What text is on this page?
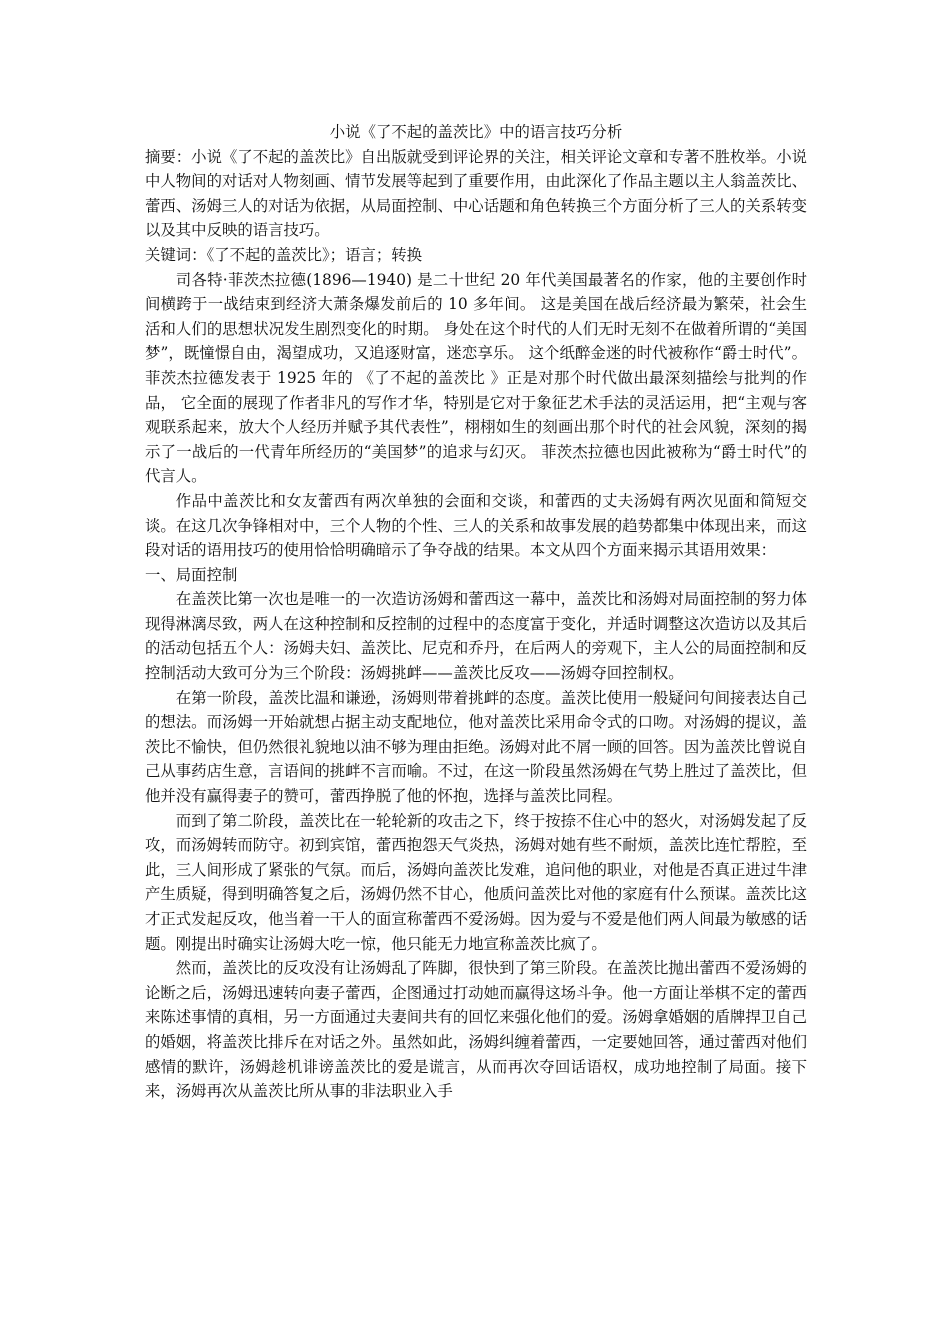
小说《了不起的盖茨比》中的语言技巧分析

摘要：小说《了不起的盖茨比》自出版就受到评论界的关注，相关评论文章和专著不胜枚举。小说中人物间的对话对人物刻画、情节发展等起到了重要作用，由此深化了作品主题以主人翁盖茨比、蕾西、汤姆三人的对话为依据，从局面控制、中心话题和角色转换三个方面分析了三人的关系转变以及其中反映的语言技巧。

关键词：《了不起的盖茨比》；语言；转换

司各特·菲茨杰拉德(1896—1940) 是二十世纪 20 年代美国最著名的作家，他的主要创作时间横跨于一战结束到经济大萧条爆发前后的 10 多年间。 这是美国在战后经济最为繁荣，社会生活和人们的思想状况发生剧烈变化的时期。 身处在这个时代的人们无时无刻不在做着所谓的“美国梦”，既憧憬自由，渴望成功，又追逐财富，迷恋享乐。 这个纸醉金迷的时代被称作“爵士时代”。 菲茨杰拉德发表于 1925 年的 《了不起的盖茨比 》正是对那个时代做出最深刻描绘与批判的作品， 它全面的展现了作者非凡的写作才华，特别是它对于象征艺术手法的灵活运用，把“主观与客观联系起来，放大个人经历并赋予其代表性”，栩栩如生的刻画出那个时代的社会风貌，深刻的揭示了一战后的一代青年所经历的“美国梦”的追求与幻灭。 菲茨杰拉德也因此被称为“爵士时代”的代言人。

作品中盖茨比和女友蕾西有两次单独的会面和交谈，和蕾西的丈夫汤姆有两次见面和简短交谈。在这几次争锋相对中，三个人物的个性、三人的关系和故事发展的趋势都集中体现出来，而这段对话的语用技巧的使用恰恰明确暗示了争夺战的结果。本文从四个方面来揭示其语用效果：

一、局面控制

在盖茨比第一次也是唯一的一次造访汤姆和蕾西这一幕中，盖茨比和汤姆对局面控制的努力体现得淋漓尽致，两人在这种控制和反控制的过程中的态度富于变化，并适时调整这次造访以及其后的活动包括五个人：汤姆夫妇、盖茨比、尼克和乔丹，在后两人的旁观下，主人公的局面控制和反控制活动大致可分为三个阶段：汤姆挑衅——盖茨比反攻——汤姆夺回控制权。

在第一阶段，盖茨比温和谦逊，汤姆则带着挑衅的态度。盖茨比使用一般疑问句间接表达自己的想法。而汤姆一开始就想占据主动支配地位，他对盖茨比采用命令式的口吻。对汤姆的提议，盖茨比不愉快，但仍然很礼貌地以油不够为理由拒绝。汤姆对此不屑一顾的回答。因为盖茨比曾说自己从事药店生意，言语间的挑衅不言而喻。不过，在这一阶段虽然汤姆在气势上胜过了盖茨比，但他并没有赢得妻子的赞可，蕾西挣脱了他的怀抱，选择与盖茨比同程。

而到了第二阶段，盖茨比在一轮轮新的攻击之下，终于按捺不住心中的怒火，对汤姆发起了反攻，而汤姆转而防守。初到宾馆，蕾西抱怨天气炎热，汤姆对她有些不耐烦，盖茨比连忙帮腔，至此，三人间形成了紧张的气氛。而后，汤姆向盖茨比发难，追问他的职业，对他是否真正进过牛津产生质疑，得到明确答复之后，汤姆仍然不甘心，他质问盖茨比对他的家庭有什么预谋。盖茨比这才正式发起反攻，他当着一干人的面宣称蕾西不爱汤姆。因为爱与不爱是他们两人间最为敏感的话题。刚提出时确实让汤姆大吃一惊，他只能无力地宣称盖茨比疯了。

然而，盖茨比的反攻没有让汤姆乱了阵脚，很快到了第三阶段。在盖茨比抛出蕾西不爱汤姆的论断之后，汤姆迅速转向妻子蕾西，企图通过打动她而赢得这场斗争。他一方面让举棋不定的蕾西来陈述事情的真相，另一方面通过夫妻间共有的回忆来强化他们的爱。汤姆拿婚姻的盾牌捍卫自己的婚姻，将盖茨比排斥在对话之外。虽然如此，汤姆纠缠着蕾西，一定要她回答，通过蕾西对他们感情的默许，汤姆趁机诽谤盖茨比的爱是谎言，从而再次夺回话语权，成功地控制了局面。接下来，汤姆再次从盖茨比所从事的非法职业入手
